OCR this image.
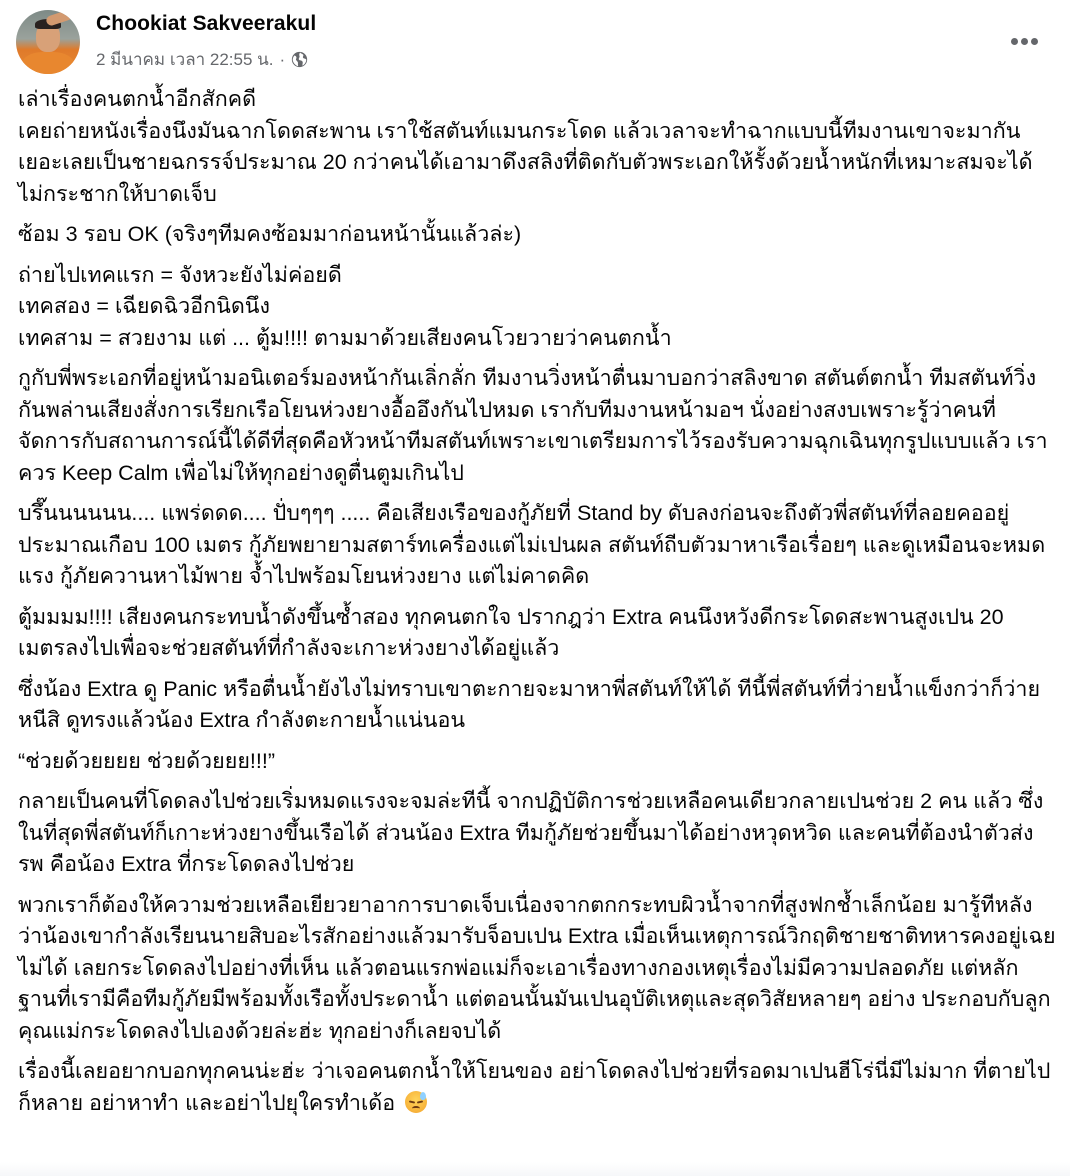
Chookiat Sakveerakul
2 มีนาคม เวลา 22:55 น. ·

เล่าเรื่องคนตกน้ำอีกสักคดี
เคยถ่ายหนังเรื่องนึงมันฉากโดดสะพาน เราใช้สตันท์แมนกระโดด แล้วเวลาจะทำฉากแบบนี้ทีมงานเขาจะมากันเยอะเลยเป็นชายฉกรรจ์ประมาณ 20 กว่าคนได้เอามาดึงสลิงที่ติดกับตัวพระเอกให้รั้งด้วยน้ำหนักที่เหมาะสมจะได้ไม่กระชากให้บาดเจ็บ

ซ้อม 3 รอบ OK (จริงๆทีมคงซ้อมมาก่อนหน้านั้นแล้วล่ะ)

ถ่ายไปเทคแรก = จังหวะยังไม่ค่อยดี
เทคสอง = เฉียดฉิวอีกนิดนึง
เทคสาม = สวยงาม แต่ ... ตู้ม!!!! ตามมาด้วยเสียงคนโวยวายว่าคนตกน้ำ

กูกับพี่พระเอกที่อยู่หน้ามอนิเตอร์มองหน้ากันเลิ่กลั่ก ทีมงานวิ่งหน้าตื่นมาบอกว่าสลิงขาด สตันต์ตกน้ำ ทีมสตันท์วิ่งกันพล่านเสียงสั่งการเรียกเรือโยนห่วงยางอื้ออึงกันไปหมด เรากับทีมงานหน้ามอฯ นั่งอย่างสงบเพราะรู้ว่าคนที่จัดการกับสถานการณ์นี้ได้ดีที่สุดคือหัวหน้าทีมสตันท์เพราะเขาเตรียมการไว้รองรับความฉุกเฉินทุกรูปแบบแล้ว เราควร Keep Calm เพื่อไม่ให้ทุกอย่างดูตื่นตูมเกินไป

บรึ๊นนนนนน.... แพร่ดดด.... ปั่บๆๆๆ ..... คือเสียงเรือของกู้ภัยที่ Stand by ดับลงก่อนจะถึงตัวพี่สตันท์ที่ลอยคออยู่ประมาณเกือบ 100 เมตร กู้ภัยพยายามสตาร์ทเครื่องแต่ไม่เปนผล สตันท์ถีบตัวมาหาเรือเรื่อยๆ และดูเหมือนจะหมดแรง กู้ภัยควานหาไม้พาย จ้ำไปพร้อมโยนห่วงยาง แต่ไม่คาดคิด

ตู้มมมม!!!! เสียงคนกระทบน้ำดังขึ้นซ้ำสอง ทุกคนตกใจ ปรากฎว่า Extra คนนึงหวังดีกระโดดสะพานสูงเปน 20 เมตรลงไปเพื่อจะช่วยสตันท์ที่กำลังจะเกาะห่วงยางได้อยู่แล้ว

ซึ่งน้อง Extra ดู Panic หรือตื่นน้ำยังไงไม่ทราบเขาตะกายจะมาหาพี่สตันท์ให้ได้ ทีนี้พี่สตันท์ที่ว่ายน้ำแข็งกว่าก็ว่ายหนีสิ ดูทรงแล้วน้อง Extra กำลังตะกายน้ำแน่นอน

“ช่วยด้วยยยย ช่วยด้วยยย!!!”

กลายเป็นคนที่โดดลงไปช่วยเริ่มหมดแรงจะจมล่ะทีนี้ จากปฏิบัติการช่วยเหลือคนเดียวกลายเปนช่วย 2 คน แล้ว ซึ่งในที่สุดพี่สตันท์ก็เกาะห่วงยางขึ้นเรือได้ ส่วนน้อง Extra ทีมกู้ภัยช่วยขึ้นมาได้อย่างหวุดหวิด และคนที่ต้องนำตัวส่ง รพ คือน้อง Extra ที่กระโดดลงไปช่วย

พวกเราก็ต้องให้ความช่วยเหลือเยียวยาอาการบาดเจ็บเนื่องจากตกกระทบผิวน้ำจากที่สูงฟกช้ำเล็กน้อย มารู้ทีหลังว่าน้องเขากำลังเรียนนายสิบอะไรสักอย่างแล้วมารับจ็อบเปน Extra เมื่อเห็นเหตุการณ์วิกฤติชายชาติทหารคงอยู่เฉยไม่ได้ เลยกระโดดลงไปอย่างที่เห็น แล้วตอนแรกพ่อแม่ก็จะเอาเรื่องทางกองเหตุเรื่องไม่มีความปลอดภัย แต่หลักฐานที่เรามีคือทีมกู้ภัยมีพร้อมทั้งเรือทั้งประดาน้ำ แต่ตอนนั้นมันเปนอุบัติเหตุและสุดวิสัยหลายๆ อย่าง ประกอบกับลูกคุณแม่กระโดดลงไปเองด้วยล่ะฮ่ะ ทุกอย่างก็เลยจบได้

เรื่องนี้เลยอยากบอกทุกคนน่ะฮ่ะ ว่าเจอคนตกน้ำให้โยนของ อย่าโดดลงไปช่วยที่รอดมาเปนฮีโร่นี่มีไม่มาก ที่ตายไปก็หลาย อย่าหาทำ และอย่าไปยุใครทำเด้อ
